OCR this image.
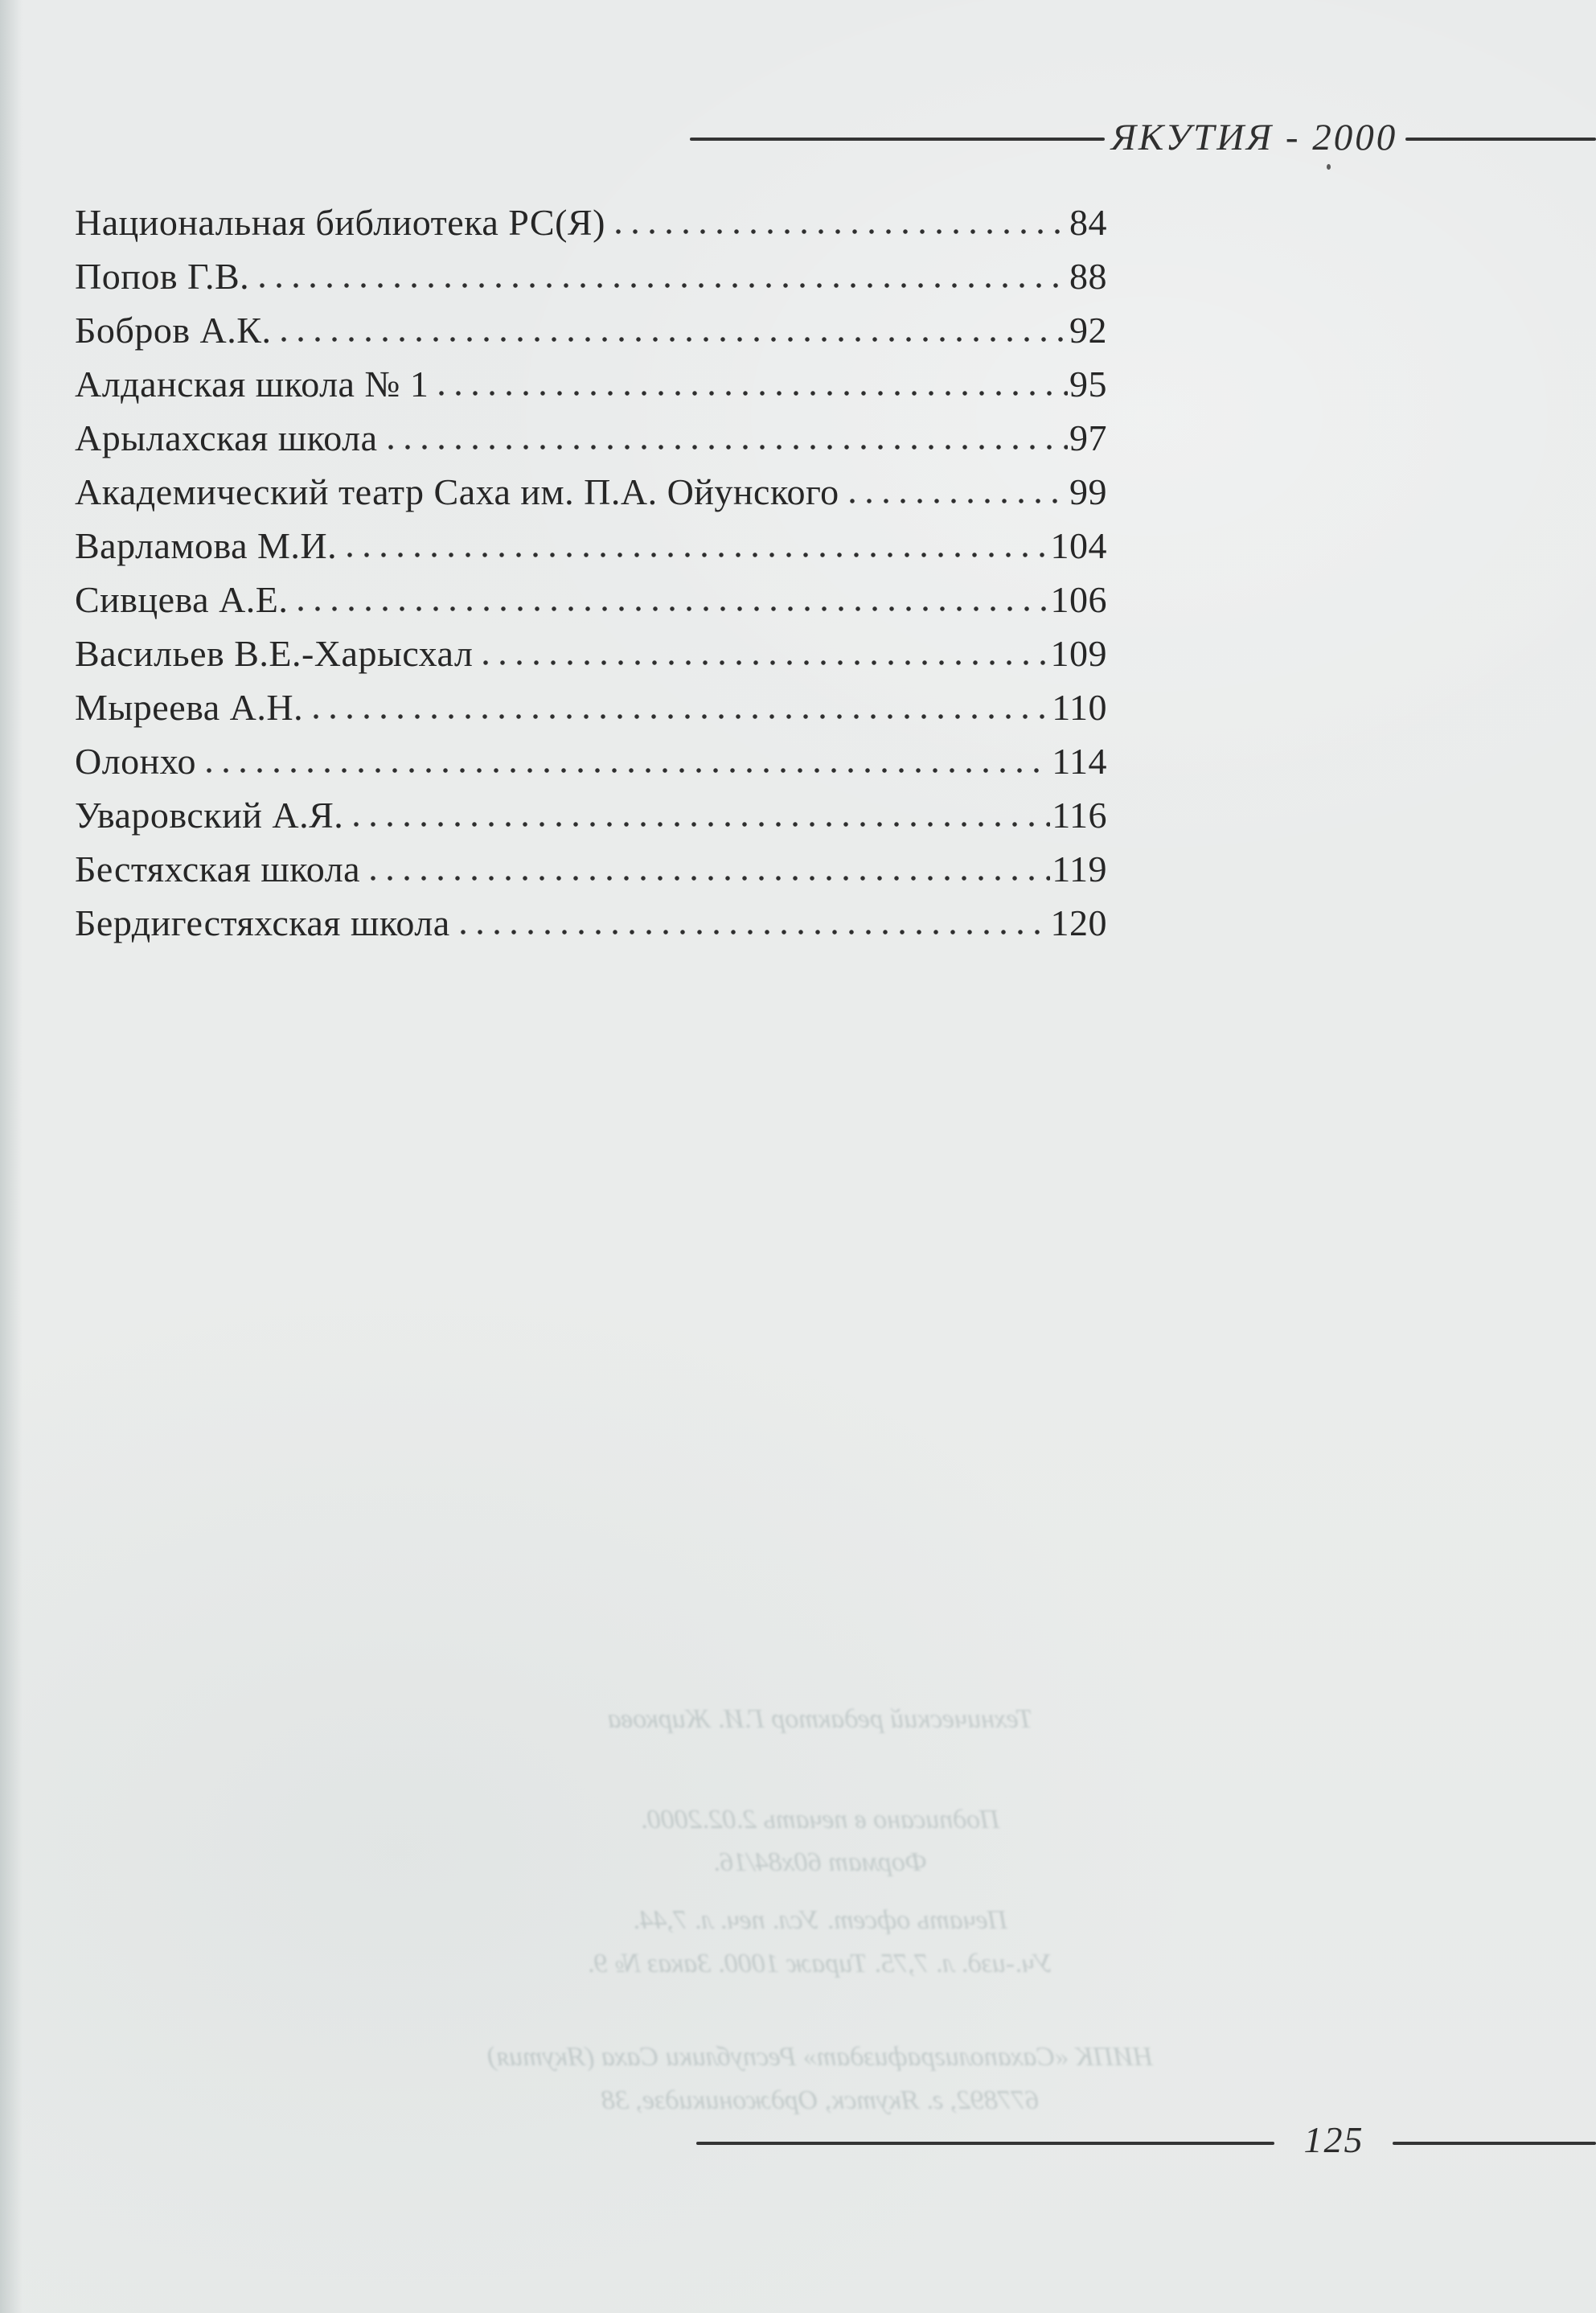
ЯКУТИЯ - 2000
Национальная библиотека РС(Я)	84
Попов Г.В.	88
Бобров А.К.	92
Алданская школа № 1	95
Арылахская школа	97
Академический театр Саха им. П.А. Ойунского	99
Варламова М.И.	104
Сивцева А.Е.	106
Васильев В.Е.-Харысхал	109
Мыреева А.Н.	110
Олонхо	114
Уваровский А.Я.	116
Бестяхская школа	119
Бердигестяхская школа	120
Технический редактор Г.И. Жиркова
Подписано в печать 2.02.2000.
Формат 60х84/16.
Печать офсет. Усл. печ. л. 7,44.
Уч.-изд. л. 7,75. Тираж 1000. Заказ № 9.
НИПК «Сахаполиграфиздат» Республики Саха (Якутия)
677892, г. Якутск, Орджоникидзе, 38
125
